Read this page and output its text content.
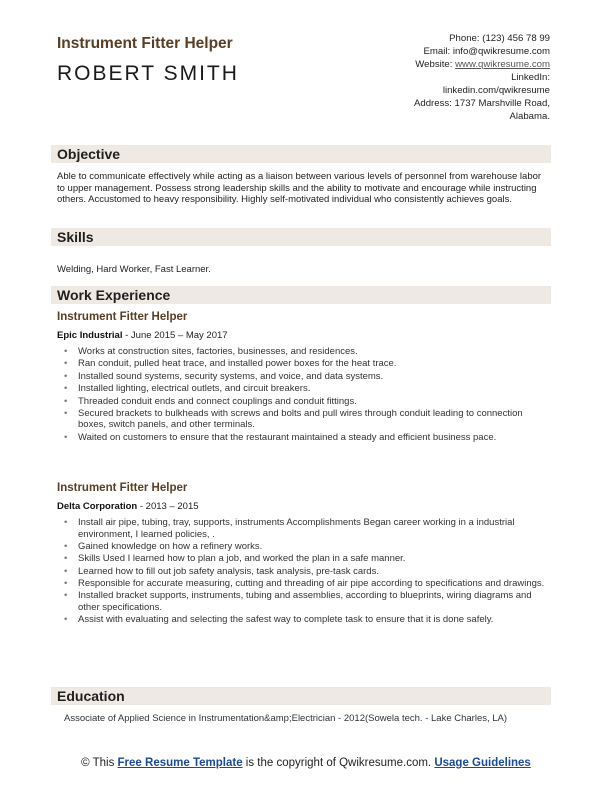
Instrument Fitter Helper
ROBERT SMITH
Phone: (123) 456 78 99
Email: info@qwikresume.com
Website: www.qwikresume.com
LinkedIn:
linkedin.com/qwikresume
Address: 1737 Marshville Road,
Alabama.
Objective
Able to communicate effectively while acting as a liaison between various levels of personnel from warehouse labor to upper management. Possess strong leadership skills and the ability to motivate and encourage while instructing others. Accustomed to heavy responsibility. Highly self-motivated individual who consistently achieves goals.
Skills
Welding, Hard Worker, Fast Learner.
Work Experience
Instrument Fitter Helper
Epic Industrial - June 2015 – May 2017
• Works at construction sites, factories, businesses, and residences.
• Ran conduit, pulled heat trace, and installed power boxes for the heat trace.
• Installed sound systems, security systems, and voice, and data systems.
• Installed lighting, electrical outlets, and circuit breakers.
• Threaded conduit ends and connect couplings and conduit fittings.
• Secured brackets to bulkheads with screws and bolts and pull wires through conduit leading to connection boxes, switch panels, and other terminals.
• Waited on customers to ensure that the restaurant maintained a steady and efficient business pace.
Instrument Fitter Helper
Delta Corporation - 2013 – 2015
• Install air pipe, tubing, tray, supports, instruments Accomplishments Began career working in a industrial environment, I learned policies, .
• Gained knowledge on how a refinery works.
• Skills Used I learned how to plan a job, and worked the plan in a safe manner.
• Learned how to fill out job safety analysis, task analysis, pre-task cards.
• Responsible for accurate measuring, cutting and threading of air pipe according to specifications and drawings.
• Installed bracket supports, instruments, tubing and assemblies, according to blueprints, wiring diagrams and other specifications.
• Assist with evaluating and selecting the safest way to complete task to ensure that it is done safely.
Education
Associate of Applied Science in Instrumentation&amp;Electrician - 2012(Sowela tech. - Lake Charles, LA)
© This Free Resume Template is the copyright of Qwikresume.com. Usage Guidelines
